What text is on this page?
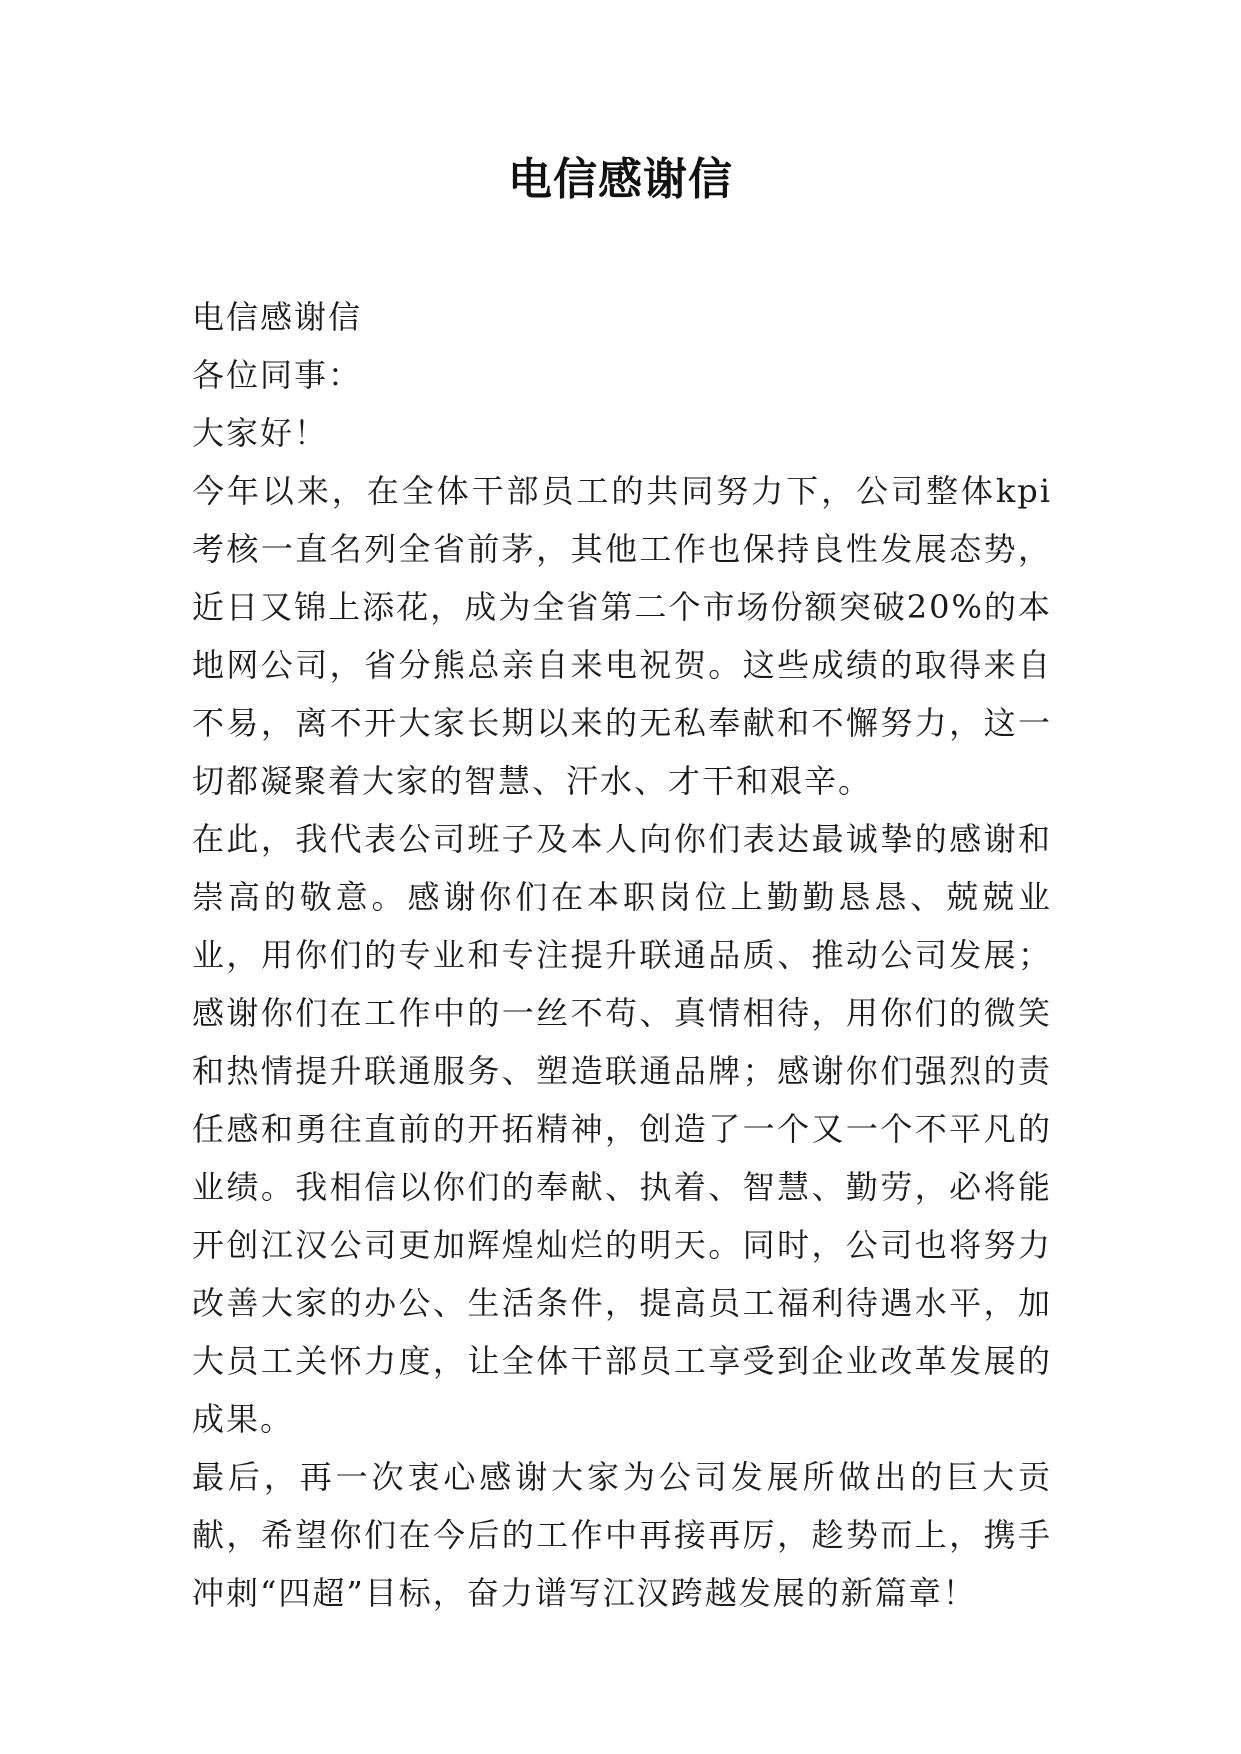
电信感谢信

电信感谢信

各位同事：

大家好！

今年以来，在全体干部员工的共同努力下，公司整体kpi考核一直名列全省前茅，其他工作也保持良性发展态势，近日又锦上添花，成为全省第二个市场份额突破20%的本地网公司，省分熊总亲自来电祝贺。这些成绩的取得来自不易，离不开大家长期以来的无私奉献和不懈努力，这一切都凝聚着大家的智慧、汗水、才干和艰辛。

在此，我代表公司班子及本人向你们表达最诚挚的感谢和崇高的敬意。感谢你们在本职岗位上勤勤恳恳、兢兢业业，用你们的专业和专注提升联通品质、推动公司发展；感谢你们在工作中的一丝不苟、真情相待，用你们的微笑和热情提升联通服务、塑造联通品牌；感谢你们强烈的责任感和勇往直前的开拓精神，创造了一个又一个不平凡的业绩。我相信以你们的奉献、执着、智慧、勤劳，必将能开创江汉公司更加辉煌灿烂的明天。同时，公司也将努力改善大家的办公、生活条件，提高员工福利待遇水平，加大员工关怀力度，让全体干部员工享受到企业改革发展的成果。

最后，再一次衷心感谢大家为公司发展所做出的巨大贡献，希望你们在今后的工作中再接再厉，趁势而上，携手冲刺“四超”目标，奋力谱写江汉跨越发展的新篇章！
